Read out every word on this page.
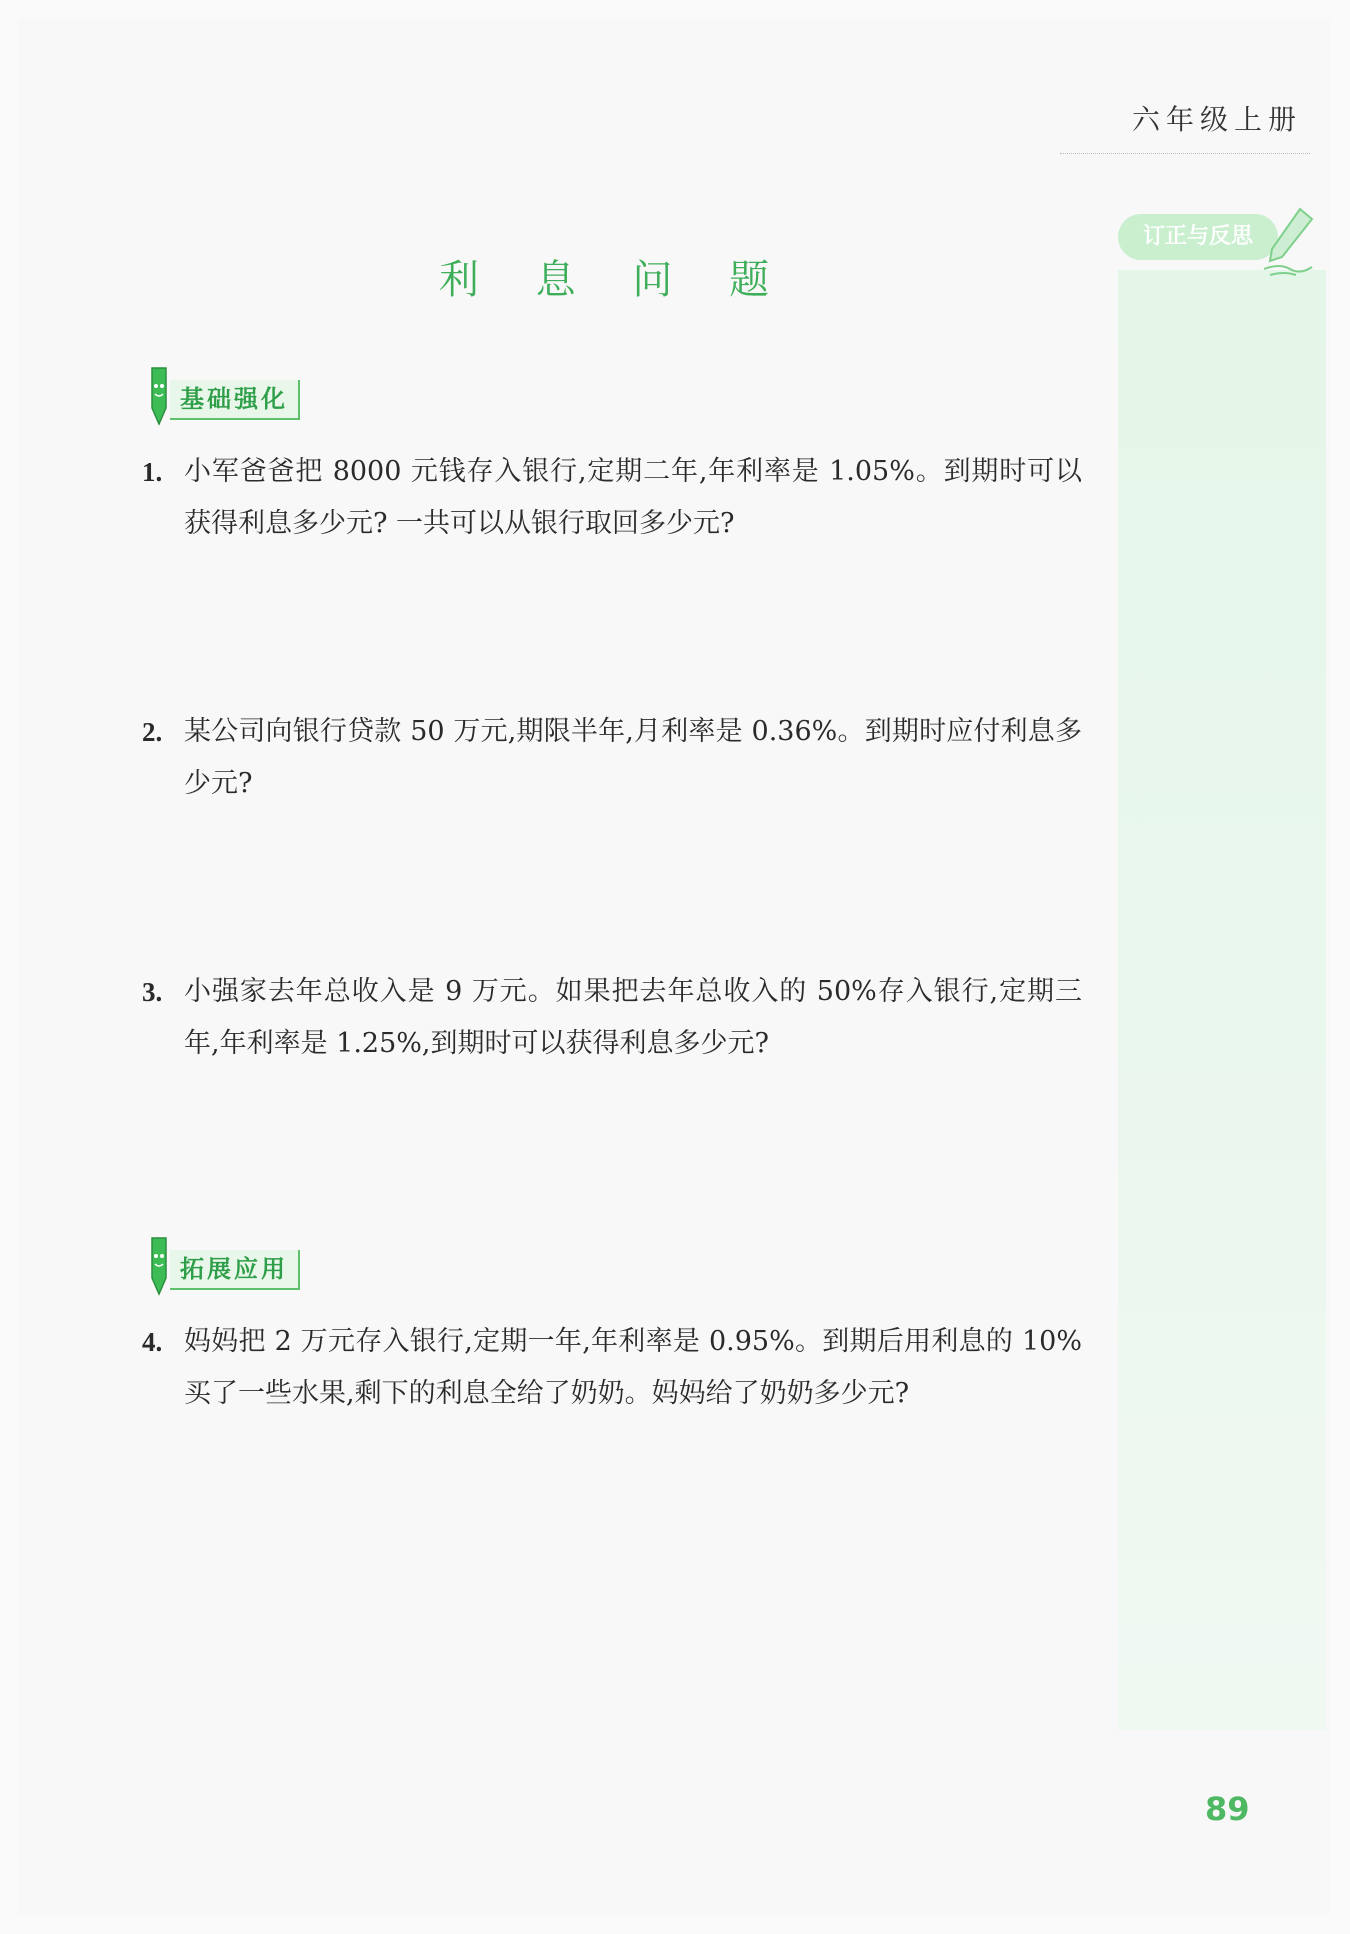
六年级上册
订正与反思
利 息 问 题
基础强化
1. 小军爸爸把 8000 元钱存入银行,定期二年,年利率是 1.05%。到期时可以获得利息多少元? 一共可以从银行取回多少元?
2. 某公司向银行贷款 50 万元,期限半年,月利率是 0.36%。到期时应付利息多少元?
3. 小强家去年总收入是 9 万元。如果把去年总收入的 50%存入银行,定期三年,年利率是 1.25%,到期时可以获得利息多少元?
拓展应用
4. 妈妈把 2 万元存入银行,定期一年,年利率是 0.95%。到期后用利息的 10%买了一些水果,剩下的利息全给了奶奶。妈妈给了奶奶多少元?
89
